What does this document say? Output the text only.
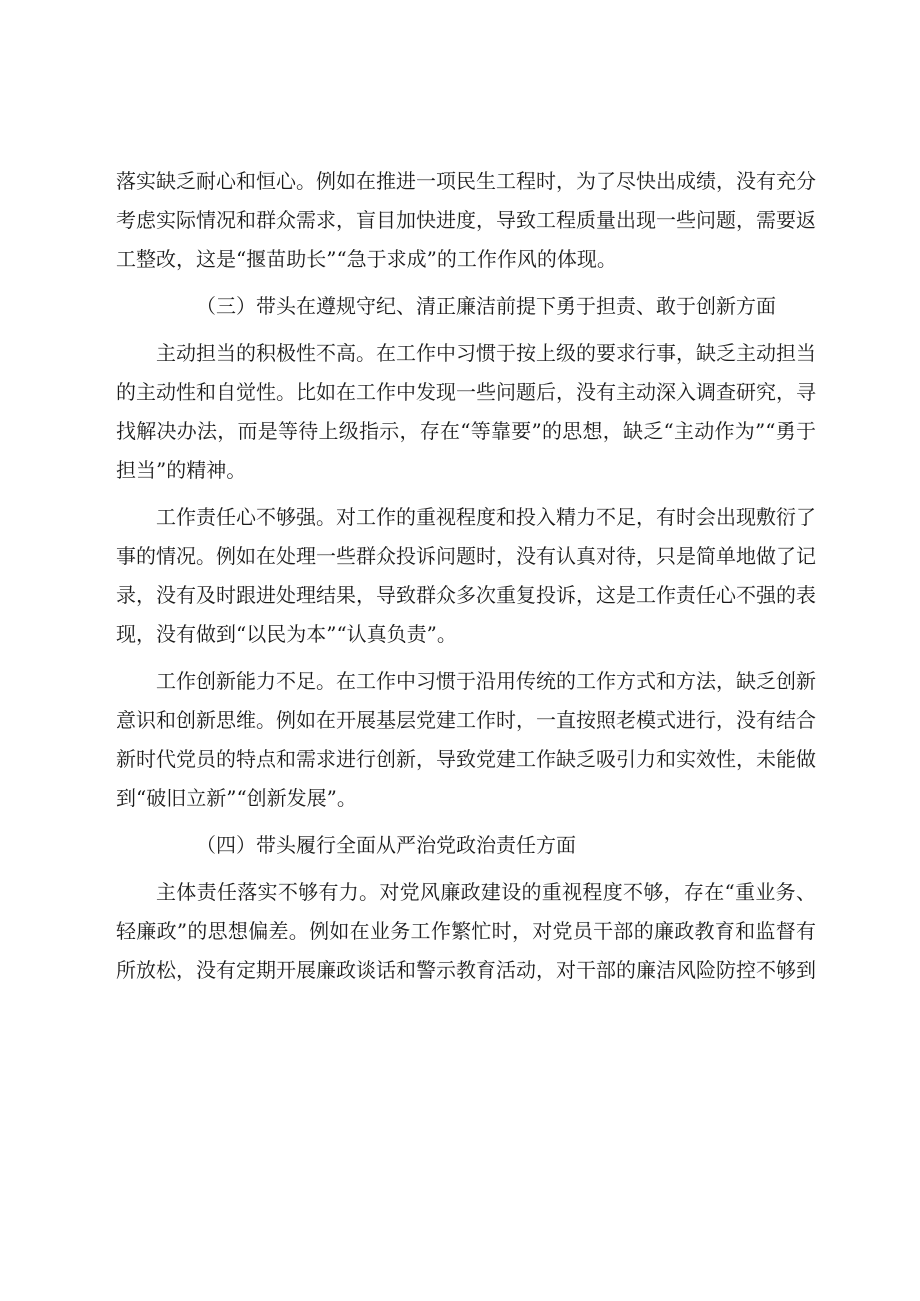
落实缺乏耐心和恒心。例如在推进一项民生工程时，为了尽快出成绩，没有充分考虑实际情况和群众需求，盲目加快进度，导致工程质量出现一些问题，需要返工整改，这是“揠苗助长”“急于求成”的工作作风的体现。

（三）带头在遵规守纪、清正廉洁前提下勇于担责、敢于创新方面

主动担当的积极性不高。在工作中习惯于按上级的要求行事，缺乏主动担当的主动性和自觉性。比如在工作中发现一些问题后，没有主动深入调查研究，寻找解决办法，而是等待上级指示，存在“等靠要”的思想，缺乏“主动作为”“勇于担当”的精神。

工作责任心不够强。对工作的重视程度和投入精力不足，有时会出现敷衍了事的情况。例如在处理一些群众投诉问题时，没有认真对待，只是简单地做了记录，没有及时跟进处理结果，导致群众多次重复投诉，这是工作责任心不强的表现，没有做到“以民为本”“认真负责”。

工作创新能力不足。在工作中习惯于沿用传统的工作方式和方法，缺乏创新意识和创新思维。例如在开展基层党建工作时，一直按照老模式进行，没有结合新时代党员的特点和需求进行创新，导致党建工作缺乏吸引力和实效性，未能做到“破旧立新”“创新发展”。

（四）带头履行全面从严治党政治责任方面

主体责任落实不够有力。对党风廉政建设的重视程度不够，存在“重业务、轻廉政”的思想偏差。例如在业务工作繁忙时，对党员干部的廉政教育和监督有所放松，没有定期开展廉政谈话和警示教育活动，对干部的廉洁风险防控不够到
